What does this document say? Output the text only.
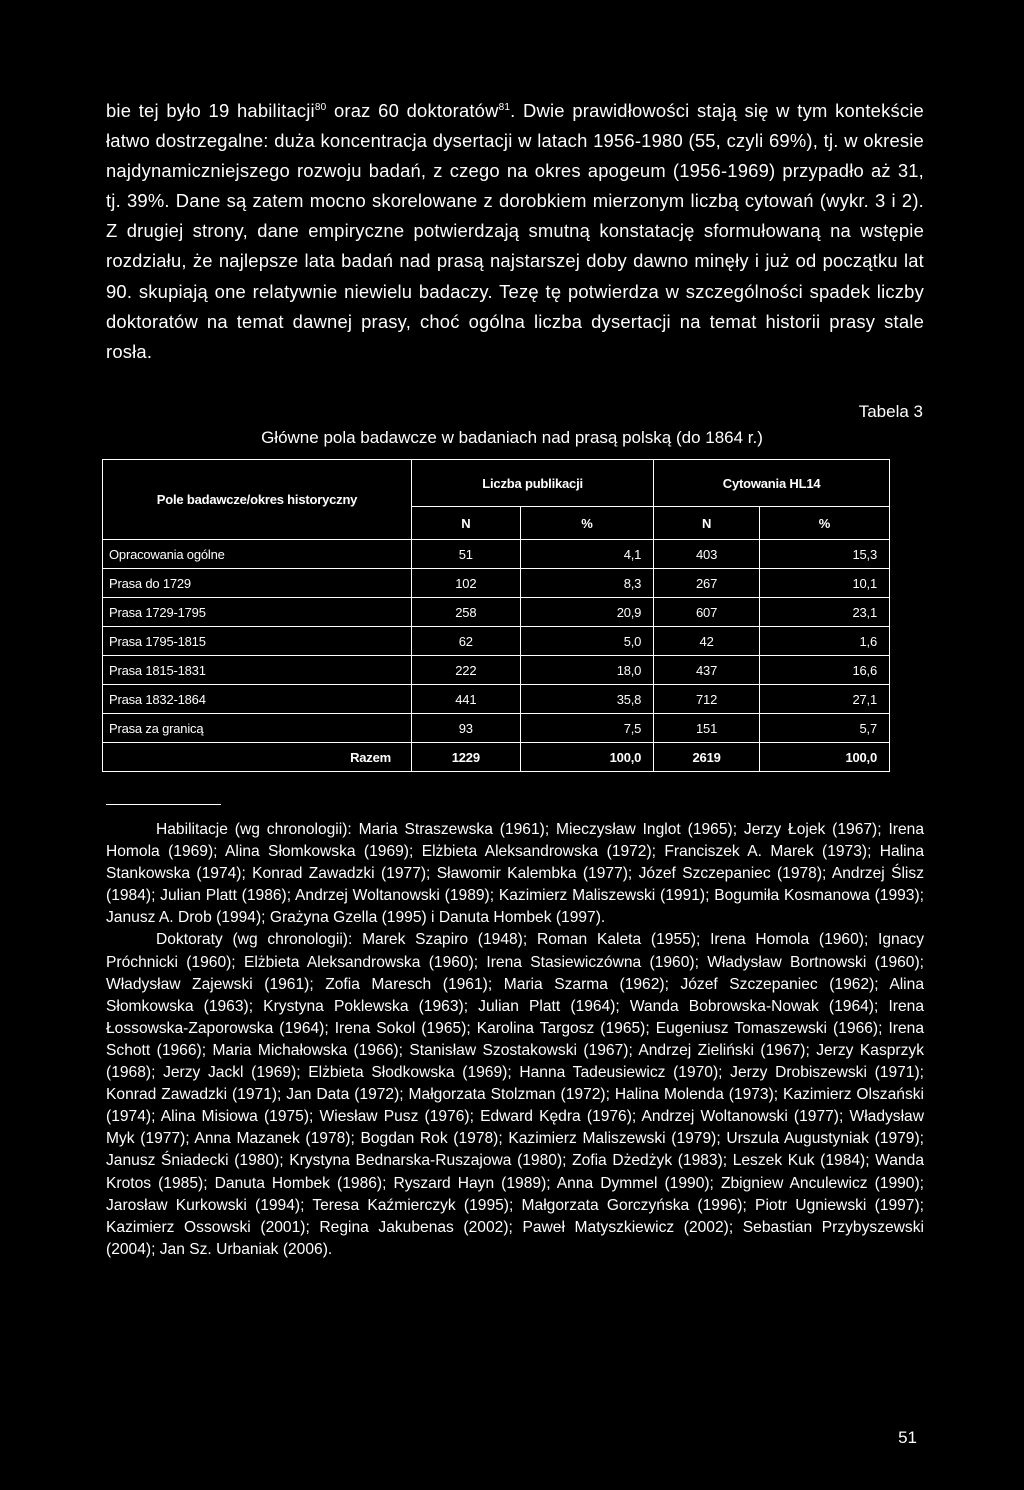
bie tej było 19 habilitacji$^{80}$ oraz 60 doktoratów$^{81}$. Dwie prawidłowości stają się w tym kontekście łatwo dostrzegalne: duża koncentracja dysertacji w latach 1956-1980 (55, czyli 69%), tj. w okresie najdynamiczniejszego rozwoju badań, z czego na okres apogeum (1956-1969) przypadło aż 31, tj. 39%. Dane są zatem mocno skorelowane z dorobkiem mierzonym liczbą cytowań (wykr. 3 i 2). Z drugiej strony, dane empiryczne potwierdzają smutną konstatację sformułowaną na wstępie rozdziału, że najlepsze lata badań nad prasą najstarszej doby dawno minęły i już od początku lat 90. skupiają one relatywnie niewielu badaczy. Tezę tę potwierdza w szczególności spadek liczby doktoratów na temat dawnej prasy, choć ogólna liczba dysertacji na temat historii prasy stale rosła.

Tabela 3
Główne pola badawcze w badaniach nad prasą polską (do 1864 r.)
Pole badawcze/okres historyczny	Liczba publikacji		Cytowania HL14	
	N	%	N	%
Opracowania ogólne	51	4,1	403	15,3
Prasa do 1729	102	8,3	267	10,1
Prasa 1729-1795	258	20,9	607	23,1
Prasa 1795-1815	62	5,0	42	1,6
Prasa 1815-1831	222	18,0	437	16,6
Prasa 1832-1864	441	35,8	712	27,1
Prasa za granicą	93	7,5	151	5,7
Razem	1229	100,0	2619	100,0

Habilitacje (wg chronologii): Maria Straszewska (1961); Mieczysław Inglot (1965); Jerzy Łojek (1967); Irena Homola (1969); Alina Słomkowska (1969); Elżbieta Aleksandrowska (1972); Franciszek A. Marek (1973); Halina Stankowska (1974); Konrad Zawadzki (1977); Sławomir Kalembka (1977); Józef Szczepaniec (1978); Andrzej Ślisz (1984); Julian Platt (1986); Andrzej Woltanowski (1989); Kazimierz Maliszewski (1991); Bogumiła Kosmanowa (1993); Janusz A. Drob (1994); Grażyna Gzella (1995) i Danuta Hombek (1997).

Doktoraty (wg chronologii): Marek Szapiro (1948); Roman Kaleta (1955); Irena Homola (1960); Ignacy Próchnicki (1960); Elżbieta Aleksandrowska (1960); Irena Stasiewiczówna (1960); Władysław Bortnowski (1960); Władysław Zajewski (1961); Zofia Maresch (1961); Maria Szarma (1962); Józef Szczepaniec (1962); Alina Słomkowska (1963); Krystyna Poklewska (1963); Julian Platt (1964); Wanda Bobrowska-Nowak (1964); Irena Łossowska-Zaporowska (1964); Irena Sokol (1965); Karolina Targosz (1965); Eugeniusz Tomaszewski (1966); Irena Schott (1966); Maria Michałowska (1966); Stanisław Szostakowski (1967); Andrzej Zieliński (1967); Jerzy Kasprzyk (1968); Jerzy Jackl (1969); Elżbieta Słodkowska (1969); Hanna Tadeusiewicz (1970); Jerzy Drobiszewski (1971); Konrad Zawadzki (1971); Jan Data (1972); Małgorzata Stolzman (1972); Halina Molenda (1973); Kazimierz Olszański (1974); Alina Misiowa (1975); Wiesław Pusz (1976); Edward Kędra (1976); Andrzej Woltanowski (1977); Władysław Myk (1977); Anna Mazanek (1978); Bogdan Rok (1978); Kazimierz Maliszewski (1979); Urszula Augustyniak (1979); Janusz Śniadecki (1980); Krystyna Bednarska-Ruszajowa (1980); Zofia Dżedżyk (1983); Leszek Kuk (1984); Wanda Krotos (1985); Danuta Hombek (1986); Ryszard Hayn (1989); Anna Dymmel (1990); Zbigniew Anculewicz (1990); Jarosław Kurkowski (1994); Teresa Kaźmierczyk (1995); Małgorzata Gorczyńska (1996); Piotr Ugniewski (1997); Kazimierz Ossowski (2001); Regina Jakubenas (2002); Paweł Matyszkiewicz (2002); Sebastian Przybyszewski (2004); Jan Sz. Urbaniak (2006).

51
